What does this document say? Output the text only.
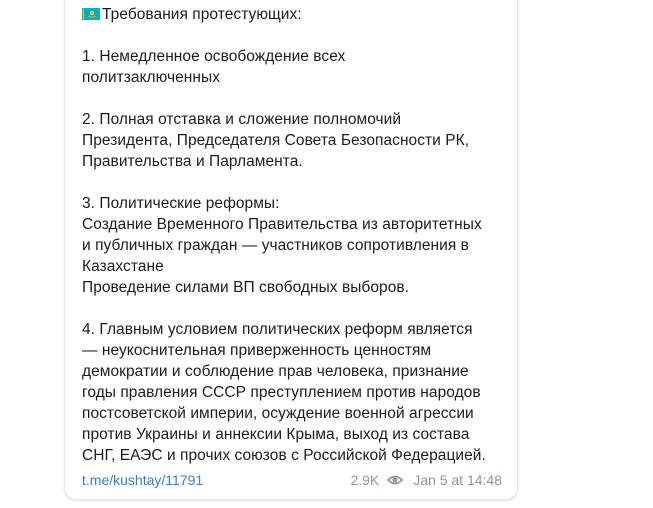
Требования протестующих:
1. Немедленное освобождение всех
политзаключенных
2. Полная отставка и сложение полномочий
Президента, Председателя Совета Безопасности РК,
Правительства и Парламента.
3. Политические реформы:
Создание Временного Правительства из авторитетных
и публичных граждан — участников сопротивления в
Казахстане
Проведение силами ВП свободных выборов.
4. Главным условием политических реформ является
— неукоснительная приверженность ценностям
демократии и соблюдение прав человека, признание
годы правления СССР преступлением против народов
постсоветской империи, осуждение военной агрессии
против Украины и аннексии Крыма, выход из состава
СНГ, ЕАЭС и прочих союзов с Российской Федерацией.
t.me/kushtay/11791	2.9K Jan 5 at 14:48
